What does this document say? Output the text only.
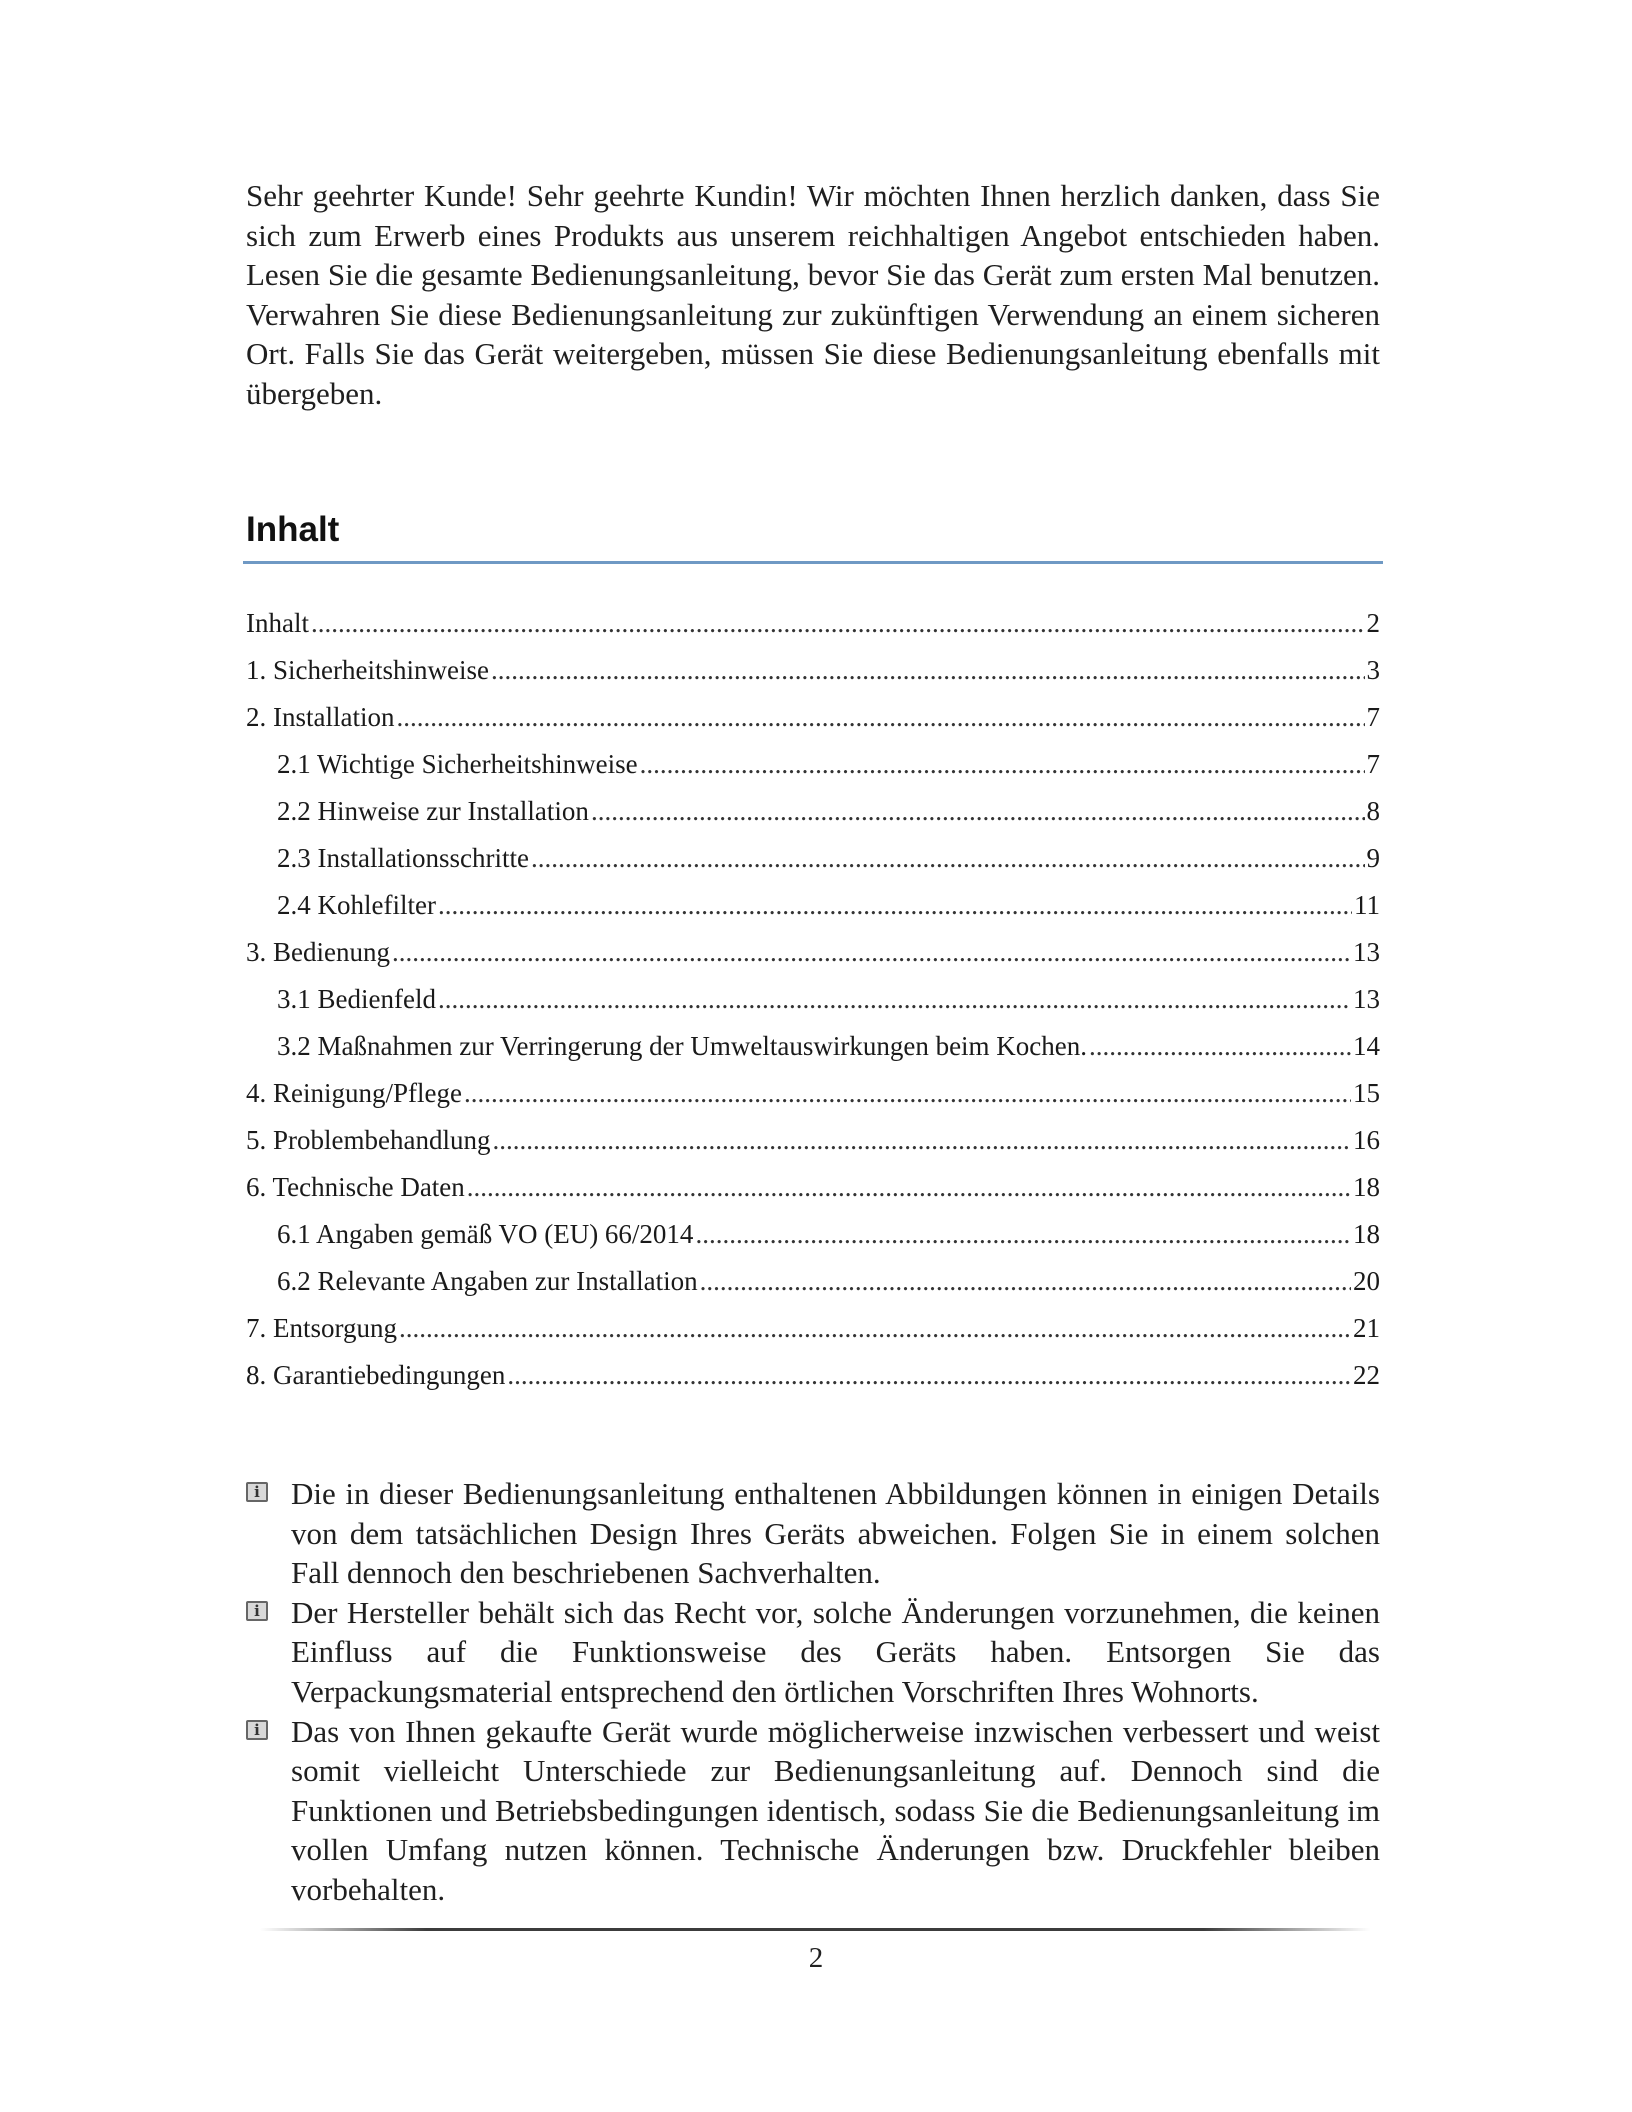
Sehr geehrter Kunde! Sehr geehrte Kundin! Wir möchten Ihnen herzlich danken, dass Sie sich zum Erwerb eines Produkts aus unserem reichhaltigen Angebot entschieden haben. Lesen Sie die gesamte Bedienungsanleitung, bevor Sie das Gerät zum ersten Mal benutzen. Verwahren Sie diese Bedienungsanleitung zur zukünftigen Verwendung an einem sicheren Ort. Falls Sie das Gerät weitergeben, müssen Sie diese Bedienungsanleitung ebenfalls mit übergeben.

Inhalt
Inhalt .....	2
1. Sicherheitshinweise .....	3
2. Installation .....	7
2.1 Wichtige Sicherheitshinweise .....	7
2.2 Hinweise zur Installation .....	8
2.3 Installationsschritte .....	9
2.4 Kohlefilter .....	11
3. Bedienung .....	13
3.1 Bedienfeld .....	13
3.2 Maßnahmen zur Verringerung der Umweltauswirkungen beim Kochen. .....	14
4. Reinigung/Pflege .....	15
5. Problembehandlung .....	16
6. Technische Daten .....	18
6.1 Angaben gemäß VO (EU) 66/2014 .....	18
6.2 Relevante Angaben zur Installation .....	20
7. Entsorgung .....	21
8. Garantiebedingungen .....	22
i Die in dieser Bedienungsanleitung enthaltenen Abbildungen können in einigen Details von dem tatsächlichen Design Ihres Geräts abweichen. Folgen Sie in einem solchen Fall dennoch den beschriebenen Sachverhalten.
i Der Hersteller behält sich das Recht vor, solche Änderungen vorzunehmen, die keinen Einfluss auf die Funktionsweise des Geräts haben. Entsorgen Sie das Verpackungsmaterial entsprechend den örtlichen Vorschriften Ihres Wohnorts.
i Das von Ihnen gekaufte Gerät wurde möglicherweise inzwischen verbessert und weist somit vielleicht Unterschiede zur Bedienungsanleitung auf. Dennoch sind die Funktionen und Betriebsbedingungen identisch, sodass Sie die Bedienungsanleitung im vollen Umfang nutzen können. Technische Änderungen bzw. Druckfehler bleiben vorbehalten.
2
